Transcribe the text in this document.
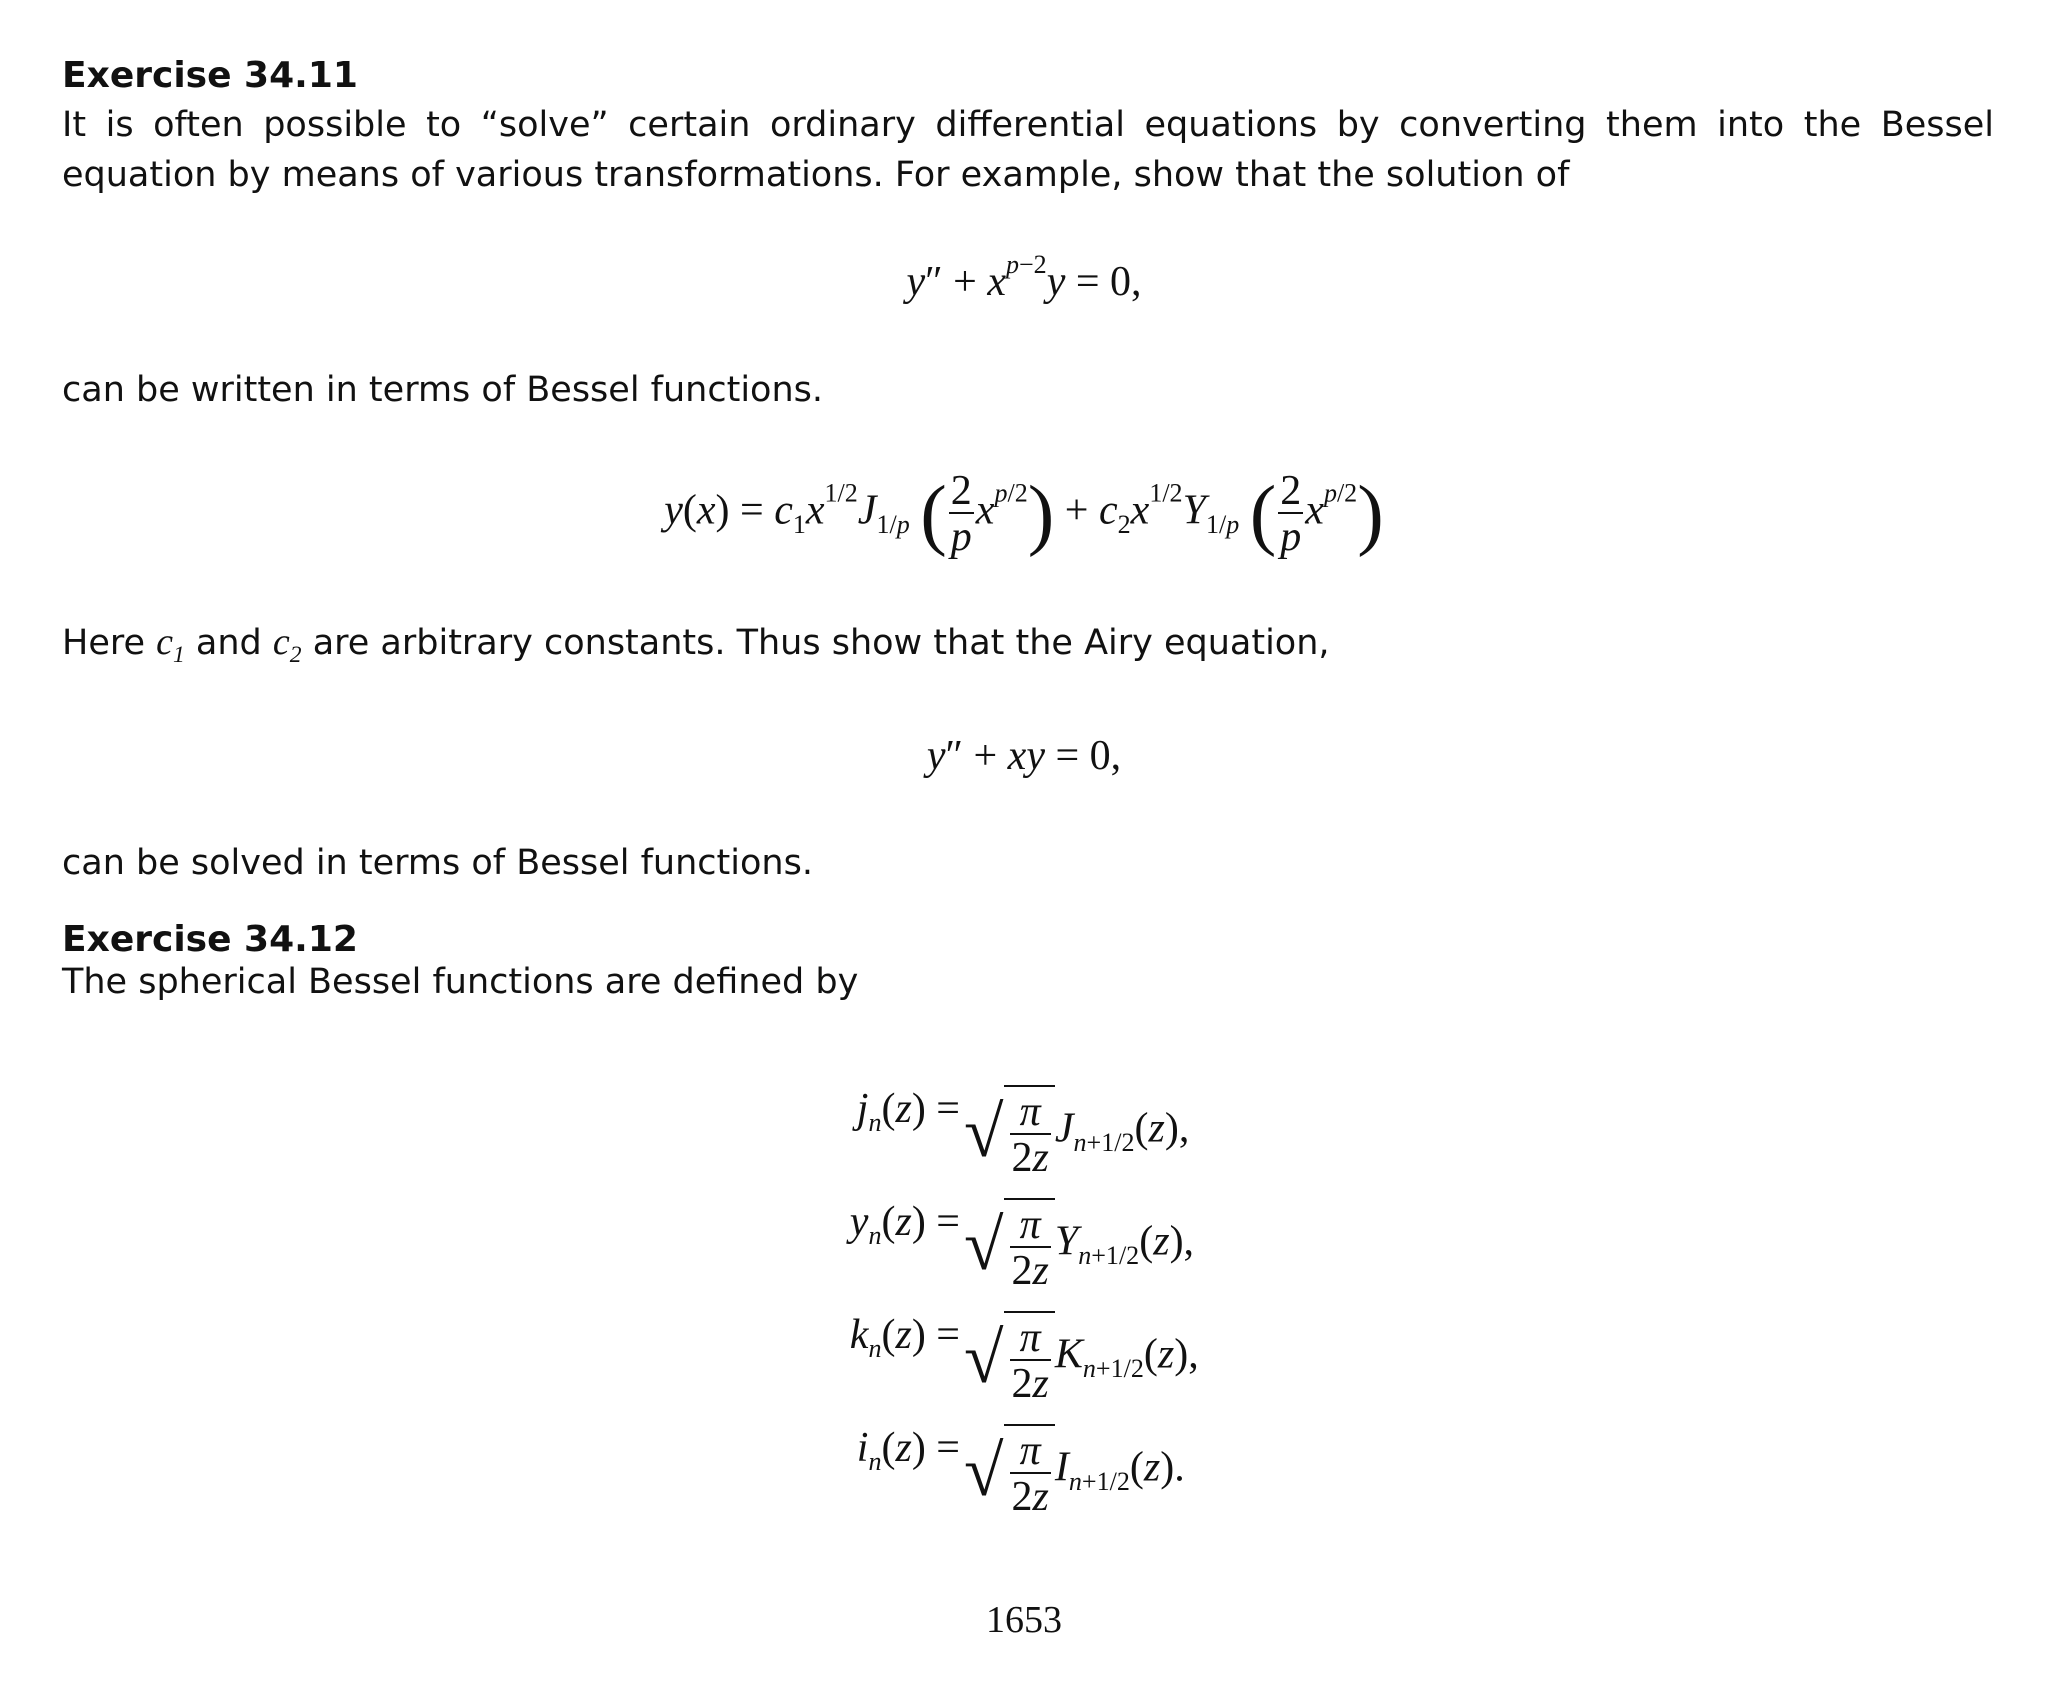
Exercise 34.11

It is often possible to “solve” certain ordinary differential equations by converting them into the Bessel equation by means of various transformations. For example, show that the solution of

$y'' + x^{p-2}y = 0$,
can be written in terms of Bessel functions.
$y(x) = c_1x^{1/2}J_{1/p}$ ( $\frac{2}{p} x^{p/2}) + c_2x^{1/2}Y_{1/p}$ ( $\frac{2}{p} x^{p/2}$)
Here $c_1$ and $c_2$ are arbitrary constants. Thus show that the Airy equation,
y″ + xy = 0,
can be solved in terms of Bessel functions.
Exercise 34.12
The spherical Bessel functions are defined by
$j_n(z)$ = √ $\frac{\pi}{2z} J_{n+1/2}(z)$,
$y_n(z)$ = √ $\frac{\pi}{2z} Y_{n+1/2}(z)$,
$k_n(z)$ = √ $\frac{\pi}{2z} K_{n+1/2}(z)$,
$i_n(z)$ = √ $\frac{\pi}{2z} I_{n+1/2}(z)$.
1653
